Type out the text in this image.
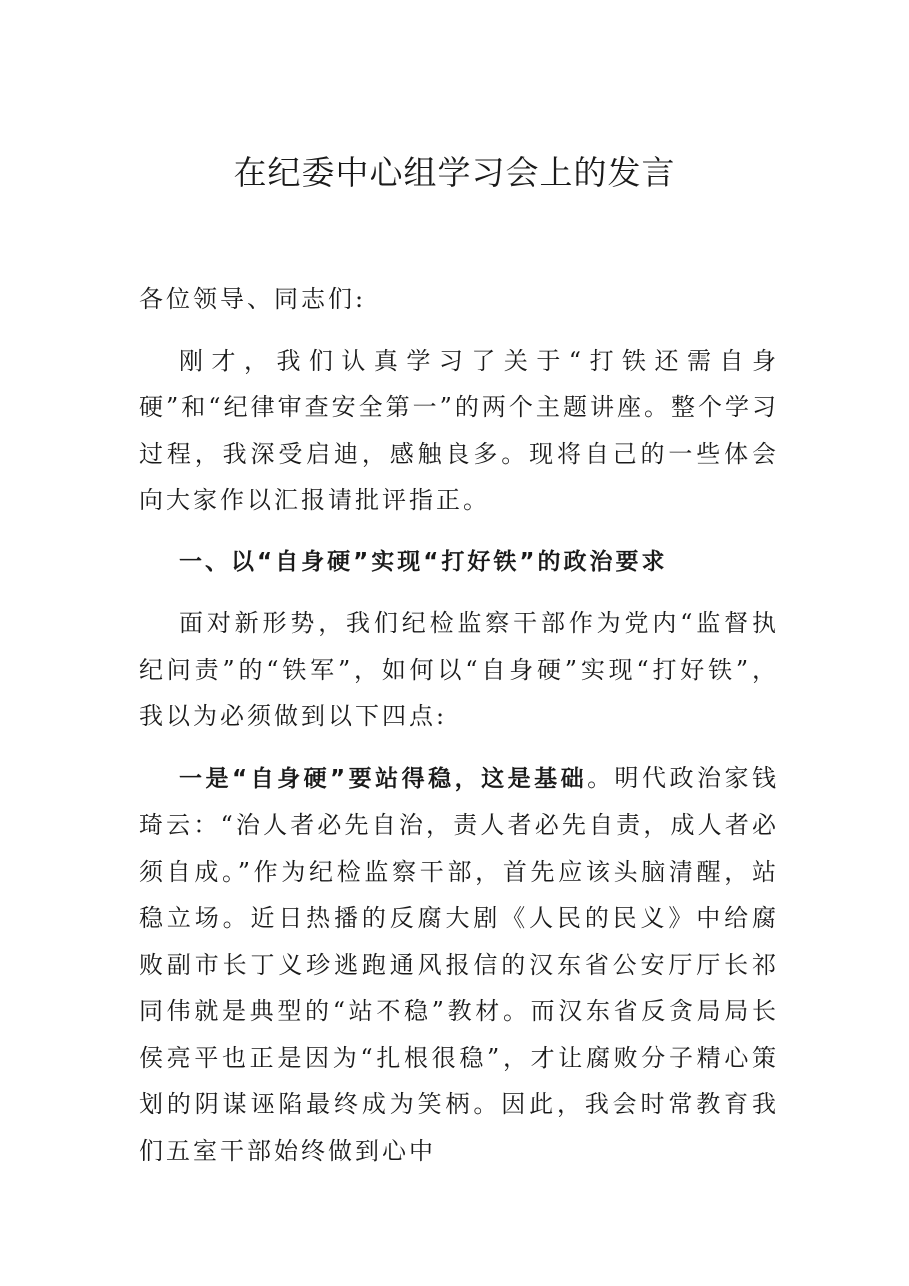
在纪委中心组学习会上的发言

各位领导、同志们:

刚才，我们认真学习了关于“打铁还需自身硬”和“纪律审查安全第一”的两个主题讲座。整个学习过程，我深受启迪，感触良多。现将自己的一些体会向大家作以汇报请批评指正。

一、以“自身硬”实现“打好铁”的政治要求

面对新形势，我们纪检监察干部作为党内“监督执纪问责”的“铁军”，如何以“自身硬”实现“打好铁”，我以为必须做到以下四点:

一是“自身硬”要站得稳，这是基础。明代政治家钱琦云：“治人者必先自治，责人者必先自责，成人者必须自成。”作为纪检监察干部，首先应该头脑清醒，站稳立场。近日热播的反腐大剧《人民的民义》中给腐败副市长丁义珍逃跑通风报信的汉东省公安厅厅长祁同伟就是典型的“站不稳”教材。而汉东省反贪局局长侯亮平也正是因为“扎根很稳”，才让腐败分子精心策划的阴谋诬陷最终成为笑柄。因此，我会时常教育我们五室干部始终做到心中
